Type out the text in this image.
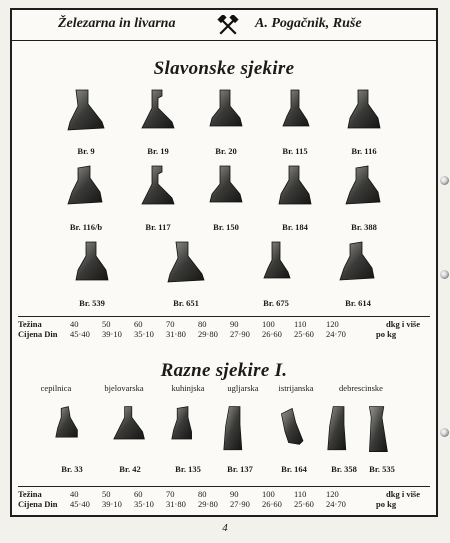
Železarna in livarna	A. Pogačnik, Ruše
Slavonske sjekire
Br. 9	Br. 19	Br. 20	Br. 115	Br. 116
Br. 116/b	Br. 117	Br. 150	Br. 184	Br. 388
Br. 539	Br. 651	Br. 675	Br. 614
Težina	40	50	60	70	80	90	100 110 120	dkg i više
Cijena Din 45·40 39·10 35·10 31·80 29·80 27·90 26·60 25·60 24·70	po kg
Razne sjekire I.
cepilnica	bjelovarska	kuhinjska	ugljarska istrijanska	debrescinske
Br. 33	Br. 42	Br. 135	Br. 137	Br. 164	Br. 358 Br. 535
Težina	40	50	60	70	80	90	100 110 120	dkg i više
Cijena Din 45·40 39·10 35·10 31·80 29·80 27·90 26·60 25·60 24·70	po kg
4
